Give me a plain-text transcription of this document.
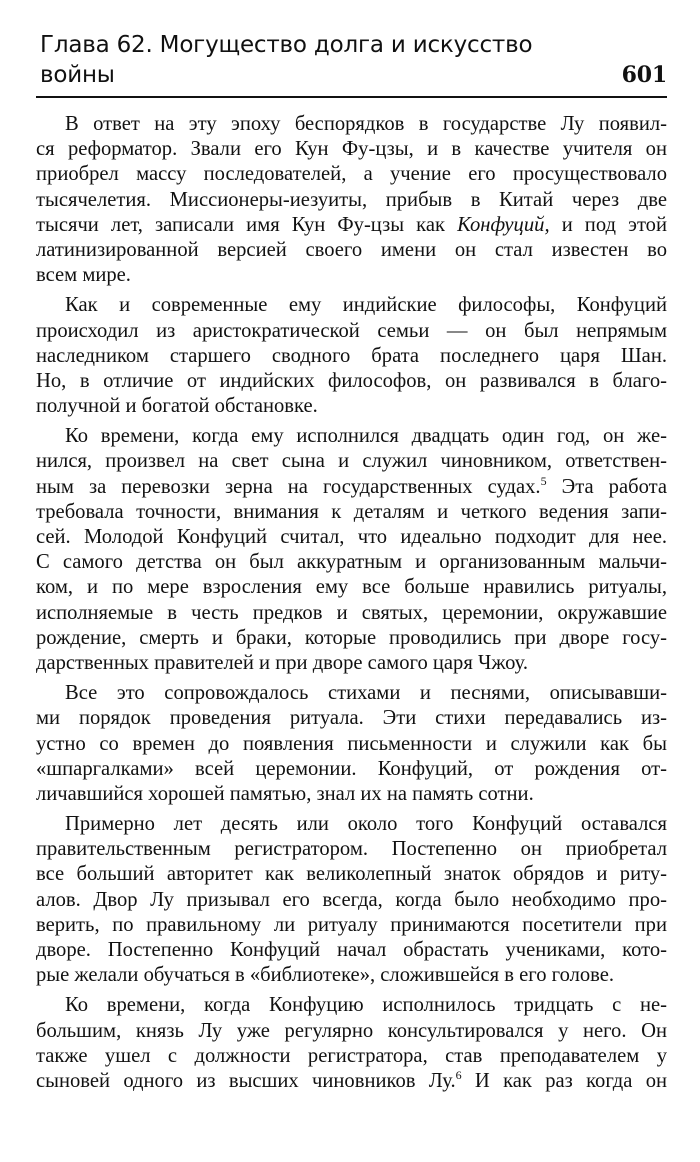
Глава 62. Могущество долга и искусство войны	601
В ответ на эту эпоху беспорядков в государстве Лу появил-
ся реформатор. Звали его Кун Фу-цзы, и в качестве учителя он
приобрел массу последователей, а учение его просуществовало
тысячелетия. Миссионеры-иезуиты, прибыв в Китай через две
тысячи лет, записали имя Кун Фу-цзы как Конфуций, и под этой
латинизированной версией своего имени он стал известен во
всем мире.
Как и современные ему индийские философы, Конфуций
происходил из аристократической семьи — он был непрямым
наследником старшего сводного брата последнего царя Шан.
Но, в отличие от индийских философов, он развивался в благо-
получной и богатой обстановке.
Ко времени, когда ему исполнился двадцать один год, он же-
нился, произвел на свет сына и служил чиновником, ответствен-
ным за перевозки зерна на государственных судах.$^5$ Эта работа
требовала точности, внимания к деталям и четкого ведения запи-
сей. Молодой Конфуций считал, что идеально подходит для нее.
С самого детства он был аккуратным и организованным мальчи-
ком, и по мере взросления ему все больше нравились ритуалы,
исполняемые в честь предков и святых, церемонии, окружавшие
рождение, смерть и браки, которые проводились при дворе госу-
дарственных правителей и при дворе самого царя Чжоу.
Все это сопровождалось стихами и песнями, описывавши-
ми порядок проведения ритуала. Эти стихи передавались из-
устно со времен до появления письменности и служили как бы
«шпаргалками» всей церемонии. Конфуций, от рождения от-
личавшийся хорошей памятью, знал их на память сотни.
Примерно лет десять или около того Конфуций оставался
правительственным регистратором. Постепенно он приобретал
все больший авторитет как великолепный знаток обрядов и риту-
алов. Двор Лу призывал его всегда, когда было необходимо про-
верить, по правильному ли ритуалу принимаются посетители при
дворе. Постепенно Конфуций начал обрастать учениками, кото-
рые желали обучаться в «библиотеке», сложившейся в его голове.
Ко времени, когда Конфуцию исполнилось тридцать с не-
большим, князь Лу уже регулярно консультировался у него. Он
также ушел с должности регистратора, став преподавателем у
сыновей одного из высших чиновников Лу.$^6$ И как раз когда он
